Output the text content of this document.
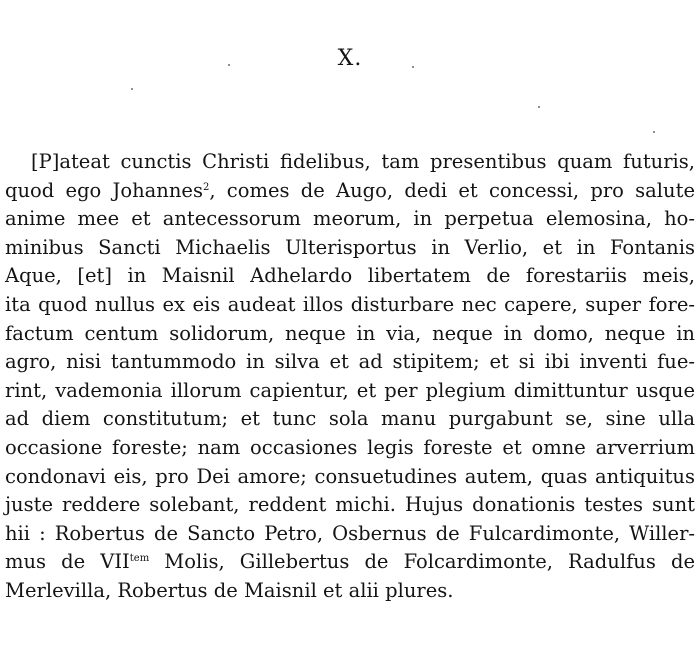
X.
[P]ateat cunctis Christi fidelibus, tam presentibus quam futuris,
quod ego Johannes$^2$, comes de Augo, dedi et concessi, pro salute
anime mee et antecessorum meorum, in perpetua elemosina, ho-
minibus Sancti Michaelis Ulterisportus in Verlio, et in Fontanis
Aque, [et] in Maisnil Adhelardo libertatem de forestariis meis,
ita quod nullus ex eis audeat illos disturbare nec capere, super fore-
factum centum solidorum, neque in via, neque in domo, neque in
agro, nisi tantummodo in silva et ad stipitem; et si ibi inventi fue-
rint, vademonia illorum capientur, et per plegium dimittuntur usque
ad diem constitutum; et tunc sola manu purgabunt se, sine ulla
occasione foreste; nam occasiones legis foreste et omne arverrium
condonavi eis, pro Dei amore; consuetudines autem, quas antiquitus
juste reddere solebant, reddent michi. Hujus donationis testes sunt
hii : Robertus de Sancto Petro, Osbernus de Fulcardimonte, Willer-
mus de $VII^{tem}$ Molis, Gillebertus de Folcardimonte, Radulfus de
Merlevilla, Robertus de Maisnil et alii plures.
